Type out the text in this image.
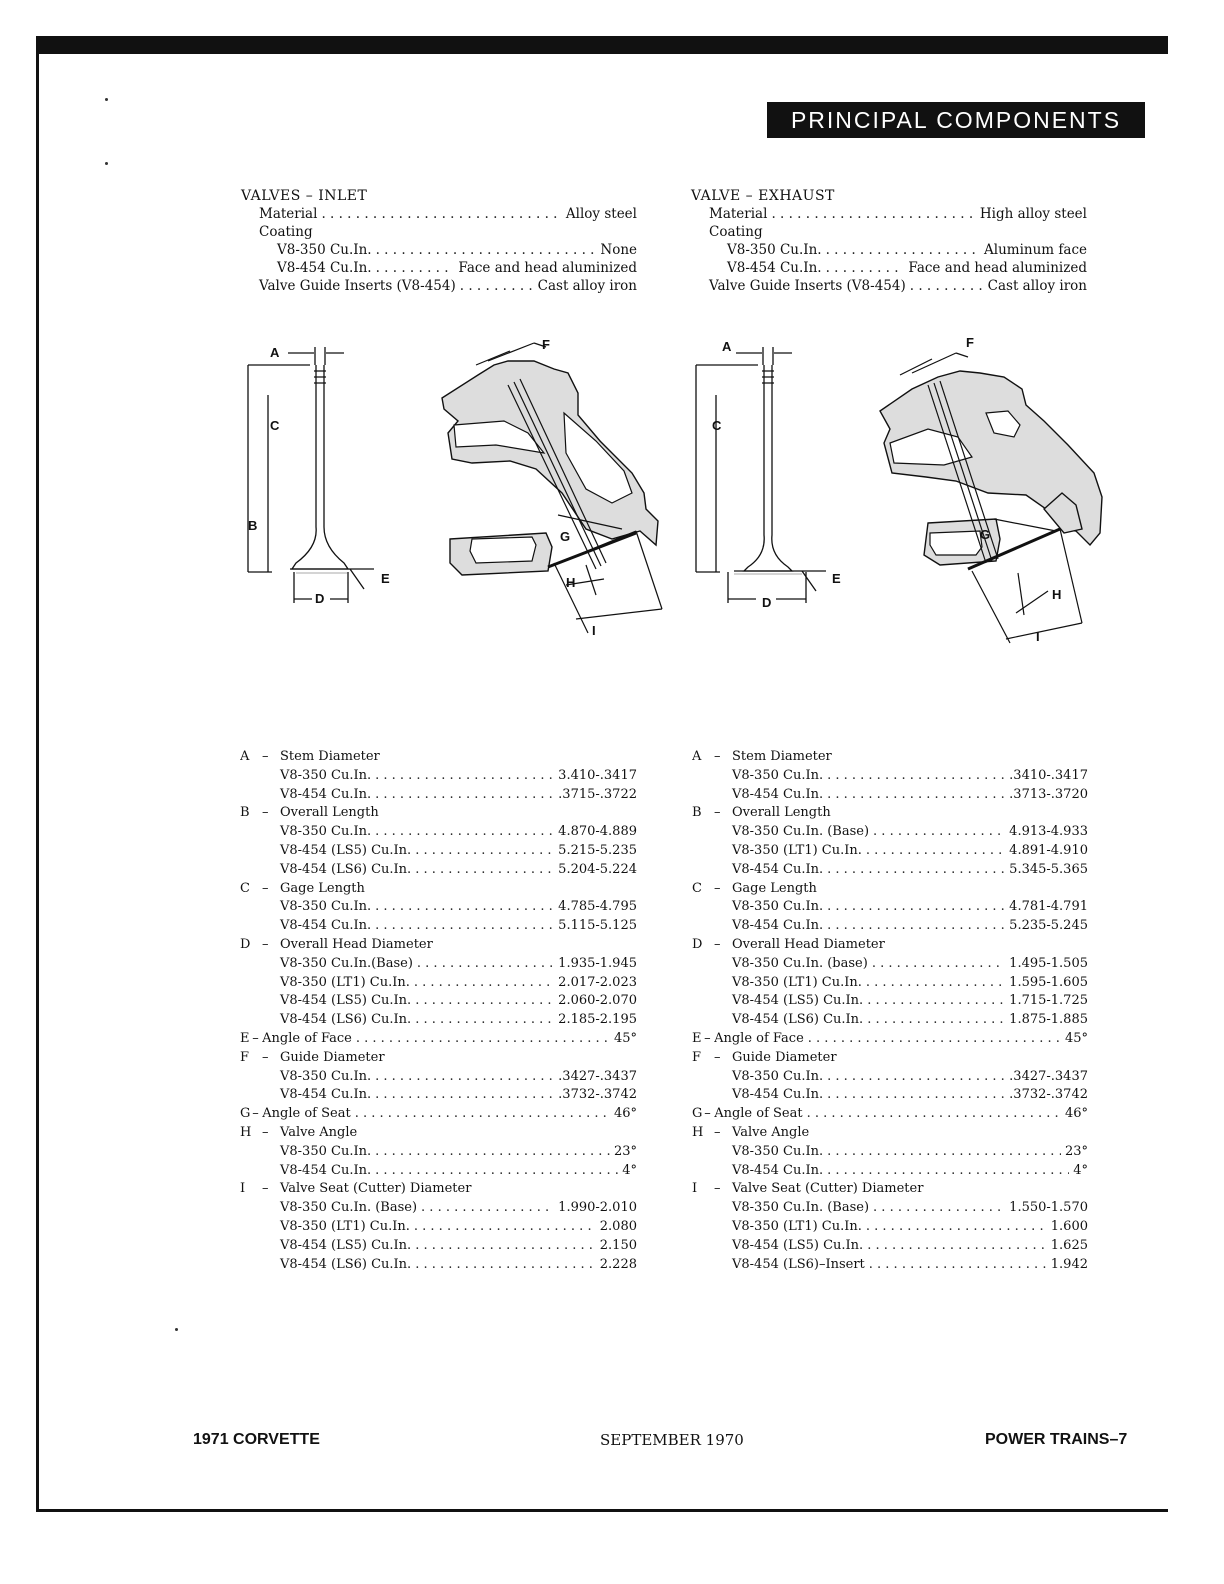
PRINCIPAL COMPONENTS
VALVES – INLET
Material . . .	Alloy steel
Coating
V8-350 Cu.In. . . .	None
V8-454 Cu.In. . . .	Face and head aluminized
Valve Guide Inserts (V8-454) . . .	Cast alloy iron
VALVE – EXHAUST
Material . . .	High alloy steel
Coating
V8-350 Cu.In. . . .	Aluminum face
V8-454 Cu.In. . . .	Face and head aluminized
Valve Guide Inserts (V8-454) . . .	Cast alloy iron
A
C
B
D
E
F
G
H
I
A
C
D
E
F
G
H
I
A – Stem Diameter
V8-350 Cu.In. . . .	3.410-.3417
V8-454 Cu.In. . . .	.3715-.3722
B – Overall Length
V8-350 Cu.In. . . .	4.870-4.889
V8-454 (LS5) Cu.In. . . .	5.215-5.235
V8-454 (LS6) Cu.In. . . .	5.204-5.224
C – Gage Length
V8-350 Cu.In. . . .	4.785-4.795
V8-454 Cu.In. . . .	5.115-5.125
D – Overall Head Diameter
V8-350 Cu.In.(Base) . . .	1.935-1.945
V8-350 (LT1) Cu.In. . . .	2.017-2.023
V8-454 (LS5) Cu.In. . . .	2.060-2.070
V8-454 (LS6) Cu.In. . . .	2.185-2.195
E – Angle of Face . . .	45°
F – Guide Diameter
V8-350 Cu.In. . . .	.3427-.3437
V8-454 Cu.In. . . .	.3732-.3742
G – Angle of Seat . . .	46°
H – Valve Angle
V8-350 Cu.In. . . .	23°
V8-454 Cu.In. . . .	4°
I	– Valve Seat (Cutter) Diameter
V8-350 Cu.In. (Base) . . .	1.990-2.010
V8-350 (LT1) Cu.In. . . .	2.080
V8-454 (LS5) Cu.In. . . .	2.150
V8-454 (LS6) Cu.In. . . .	2.228
A – Stem Diameter
V8-350 Cu.In. . . .	.3410-.3417
V8-454 Cu.In. . . .	.3713-.3720
B – Overall Length
V8-350 Cu.In. (Base) . . .	4.913-4.933
V8-350 (LT1) Cu.In. . . .	4.891-4.910
V8-454 Cu.In. . . .	5.345-5.365
C – Gage Length
V8-350 Cu.In. . . .	4.781-4.791
V8-454 Cu.In. . . .	5.235-5.245
D – Overall Head Diameter
V8-350 Cu.In. (base) . . .	1.495-1.505
V8-350 (LT1) Cu.In. . . .	1.595-1.605
V8-454 (LS5) Cu.In. . . .	1.715-1.725
V8-454 (LS6) Cu.In. . . .	1.875-1.885
E – Angle of Face . . .	45°
F – Guide Diameter
V8-350 Cu.In. . . .	.3427-.3437
V8-454 Cu.In. . . .	.3732-.3742
G – Angle of Seat . . .	46°
H – Valve Angle
V8-350 Cu.In. . . .	23°
V8-454 Cu.In. . . .	4°
I	– Valve Seat (Cutter) Diameter
V8-350 Cu.In. (Base) . . .	1.550-1.570
V8-350 (LT1) Cu.In. . . .	1.600
V8-454 (LS5) Cu.In. . . .	1.625
V8-454 (LS6)–Insert . . .	1.942
1971 CORVETTE	SEPTEMBER 1970	POWER TRAINS–7
